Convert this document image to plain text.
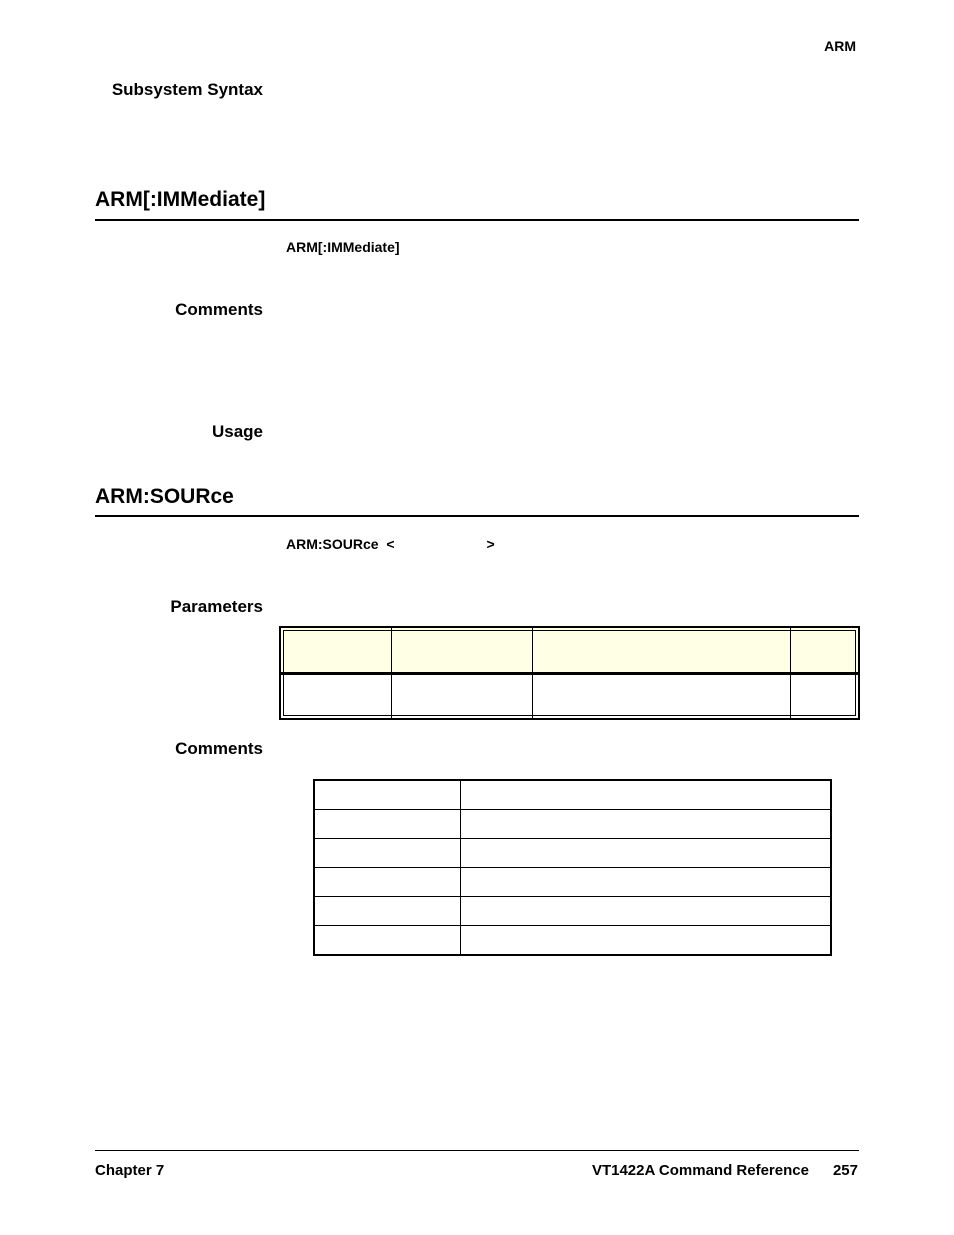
ARM
Subsystem Syntax
ARM[:IMMediate]
ARM[:IMMediate]
Comments
Usage
ARM:SOURce
ARM:SOURce  <	>
Parameters

Comments

Chapter 7	VT1422A Command Reference 257
